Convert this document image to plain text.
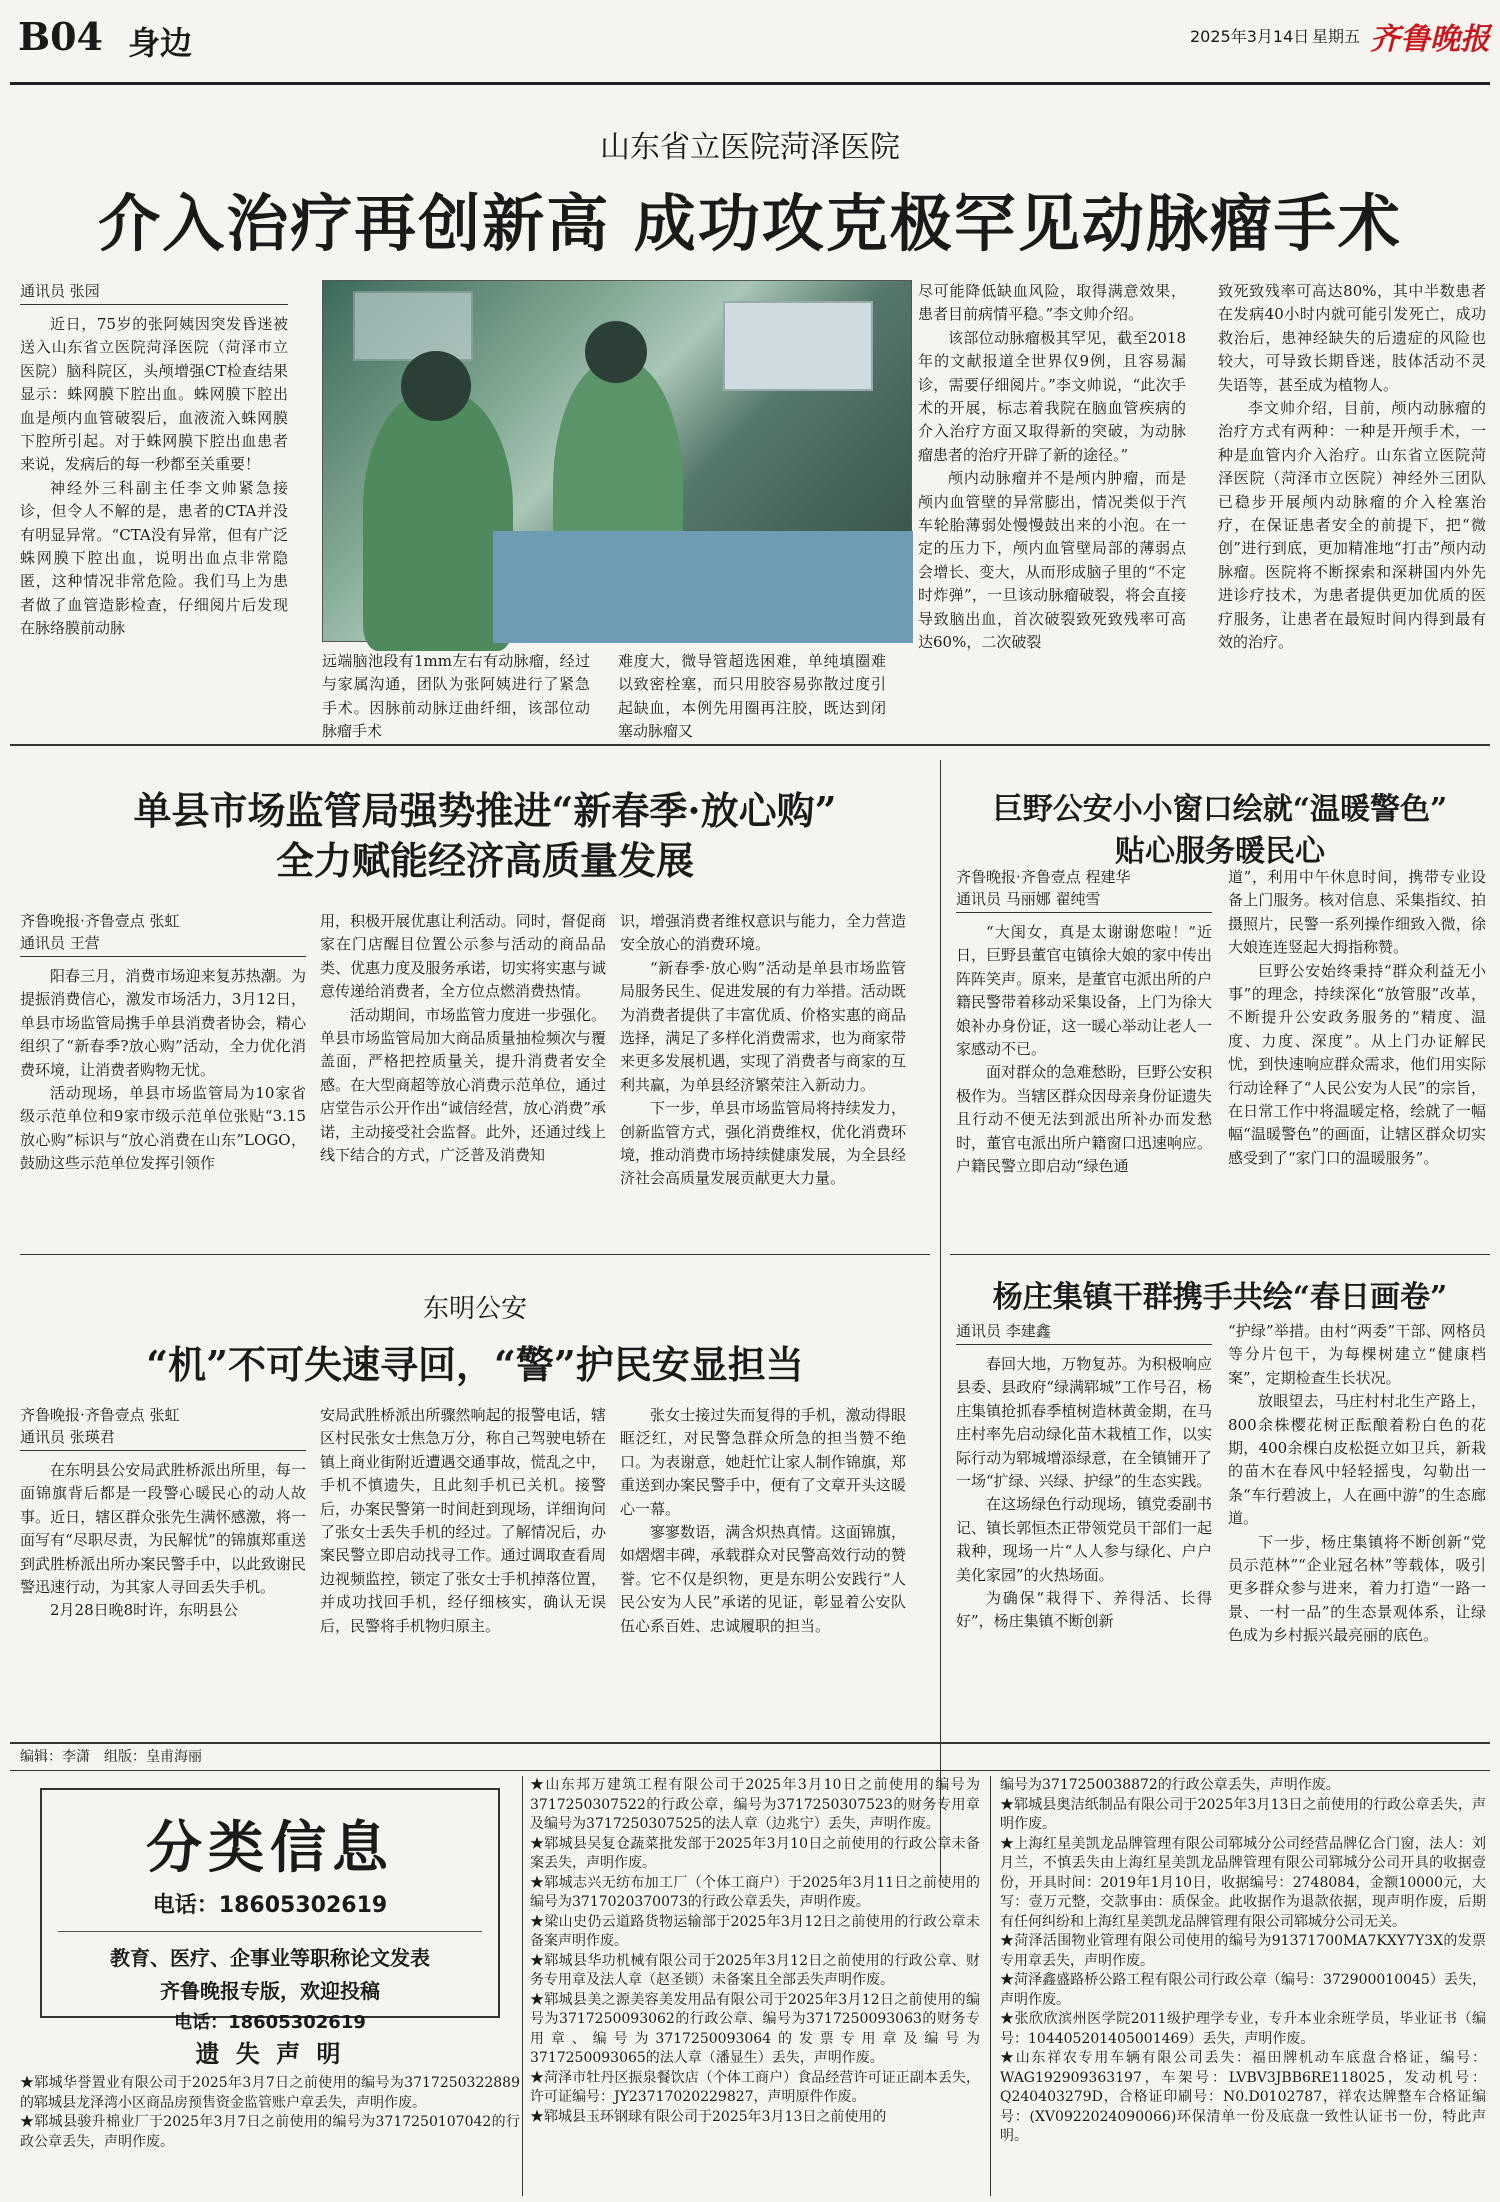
B04 身边	2025年3月14日 星期五 齐鲁晚报
山东省立医院菏泽医院
介入治疗再创新高 成功攻克极罕见动脉瘤手术
通讯员 张园

近日，75岁的张阿姨因突发昏迷被送入山东省立医院菏泽医院（菏泽市立医院）脑科院区，头颅增强CT检查结果显示：蛛网膜下腔出血。蛛网膜下腔出血是颅内血管破裂后，血液流入蛛网膜下腔所引起。对于蛛网膜下腔出血患者来说，发病后的每一秒都至关重要！

神经外三科副主任李文帅紧急接诊，但令人不解的是，患者的CTA并没有明显异常。“CTA没有异常，但有广泛蛛网膜下腔出血，说明出血点非常隐匿，这种情况非常危险。我们马上为患者做了血管造影检查，仔细阅片后发现在脉络膜前动脉

远端脑池段有1mm左右有动脉瘤，经过与家属沟通，团队为张阿姨进行了紧急手术。因脉前动脉迂曲纤细，该部位动脉瘤手术

难度大，微导管超选困难，单纯填圈难以致密栓塞，而只用胶容易弥散过度引起缺血，本例先用圈再注胶，既达到闭塞动脉瘤又

尽可能降低缺血风险，取得满意效果，患者目前病情平稳。”李文帅介绍。

该部位动脉瘤极其罕见，截至2018年的文献报道全世界仅9例，且容易漏诊，需要仔细阅片。”李文帅说，“此次手术的开展，标志着我院在脑血管疾病的介入治疗方面又取得新的突破，为动脉瘤患者的治疗开辟了新的途径。”

颅内动脉瘤并不是颅内肿瘤，而是颅内血管壁的异常膨出，情况类似于汽车轮胎薄弱处慢慢鼓出来的小泡。在一定的压力下，颅内血管壁局部的薄弱点会增长、变大，从而形成脑子里的“不定时炸弹”，一旦该动脉瘤破裂，将会直接导致脑出血，首次破裂致死致残率可高达60%，二次破裂

致死致残率可高达80%，其中半数患者在发病40小时内就可能引发死亡，成功救治后，患神经缺失的后遗症的风险也较大，可导致长期昏迷，肢体活动不灵失语等，甚至成为植物人。

李文帅介绍，目前，颅内动脉瘤的治疗方式有两种：一种是开颅手术，一种是血管内介入治疗。山东省立医院菏泽医院（菏泽市立医院）神经外三团队已稳步开展颅内动脉瘤的介入栓塞治疗，在保证患者安全的前提下，把“微创”进行到底，更加精准地“打击”颅内动脉瘤。医院将不断探索和深耕国内外先进诊疗技术，为患者提供更加优质的医疗服务，让患者在最短时间内得到最有效的治疗。

单县市场监管局强势推进“新春季·放心购”
全力赋能经济高质量发展
齐鲁晚报·齐鲁壹点 张虹
通讯员 王营

阳春三月，消费市场迎来复苏热潮。为提振消费信心，激发市场活力，3月12日，单县市场监管局携手单县消费者协会，精心组织了“新春季?放心购”活动，全力优化消费环境，让消费者购物无忧。

活动现场，单县市场监管局为10家省级示范单位和9家市级示范单位张贴“3.15放心购”标识与“放心消费在山东”LOGO，鼓励这些示范单位发挥引领作

用，积极开展优惠让利活动。同时，督促商家在门店醒目位置公示参与活动的商品品类、优惠力度及服务承诺，切实将实惠与诚意传递给消费者，全方位点燃消费热情。

活动期间，市场监管力度进一步强化。单县市场监管局加大商品质量抽检频次与覆盖面，严格把控质量关，提升消费者安全感。在大型商超等放心消费示范单位，通过店堂告示公开作出“诚信经营，放心消费”承诺，主动接受社会监督。此外，还通过线上线下结合的方式，广泛普及消费知

识，增强消费者维权意识与能力，全力营造安全放心的消费环境。

“新春季·放心购”活动是单县市场监管局服务民生、促进发展的有力举措。活动既为消费者提供了丰富优质、价格实惠的商品选择，满足了多样化消费需求，也为商家带来更多发展机遇，实现了消费者与商家的互利共赢，为单县经济繁荣注入新动力。

下一步，单县市场监管局将持续发力，创新监管方式，强化消费维权，优化消费环境，推动消费市场持续健康发展，为全县经济社会高质量发展贡献更大力量。

巨野公安小小窗口绘就“温暖警色”
贴心服务暖民心
齐鲁晚报·齐鲁壹点 程建华
通讯员 马丽娜 翟纯雪

“大闺女，真是太谢谢您啦！”近日，巨野县董官屯镇徐大娘的家中传出阵阵笑声。原来，是董官屯派出所的户籍民警带着移动采集设备，上门为徐大娘补办身份证，这一暖心举动让老人一家感动不已。

面对群众的急难愁盼，巨野公安积极作为。当辖区群众因母亲身份证遗失且行动不便无法到派出所补办而发愁时，董官屯派出所户籍窗口迅速响应。户籍民警立即启动“绿色通

道”，利用中午休息时间，携带专业设备上门服务。核对信息、采集指纹、拍摄照片，民警一系列操作细致入微，徐大娘连连竖起大拇指称赞。

巨野公安始终秉持“群众利益无小事”的理念，持续深化“放管服”改革，不断提升公安政务服务的“精度、温度、力度、深度”。从上门办证解民忧，到快速响应群众需求，他们用实际行动诠释了“人民公安为人民”的宗旨，在日常工作中将温暖定格，绘就了一幅幅“温暖警色”的画面，让辖区群众切实感受到了“家门口的温暖服务”。

东明公安
“机”不可失速寻回，“警”护民安显担当
齐鲁晚报·齐鲁壹点 张虹
通讯员 张瑛君

在东明县公安局武胜桥派出所里，每一面锦旗背后都是一段警心暖民心的动人故事。近日，辖区群众张先生满怀感激，将一面写有“尽职尽责，为民解忧”的锦旗郑重送到武胜桥派出所办案民警手中，以此致谢民警迅速行动，为其家人寻回丢失手机。

2月28日晚8时许，东明县公

安局武胜桥派出所骤然响起的报警电话，辖区村民张女士焦急万分，称自己驾驶电轿在镇上商业街附近遭遇交通事故，慌乱之中，手机不慎遗失，且此刻手机已关机。接警后，办案民警第一时间赶到现场，详细询问了张女士丢失手机的经过。了解情况后，办案民警立即启动找寻工作。通过调取查看周边视频监控，锁定了张女士手机掉落位置，并成功找回手机，经仔细核实，确认无误后，民警将手机物归原主。

张女士接过失而复得的手机，激动得眼眶泛红，对民警急群众所急的担当赞不绝口。为表谢意，她赶忙让家人制作锦旗，郑重送到办案民警手中，便有了文章开头这暖心一幕。

寥寥数语，满含炽热真情。这面锦旗，如熠熠丰碑，承载群众对民警高效行动的赞誉。它不仅是织物，更是东明公安践行“人民公安为人民”承诺的见证，彰显着公安队伍心系百姓、忠诚履职的担当。

杨庄集镇干群携手共绘“春日画卷”
通讯员 李建鑫

春回大地，万物复苏。为积极响应县委、县政府“绿满郓城”工作号召，杨庄集镇抢抓春季植树造林黄金期，在马庄村率先启动绿化苗木栽植工作，以实际行动为郓城增添绿意，在全镇铺开了一场“扩绿、兴绿、护绿”的生态实践。

在这场绿色行动现场，镇党委副书记、镇长郭恒杰正带领党员干部们一起栽种，现场一片“人人参与绿化、户户美化家园”的火热场面。

为确保“栽得下、养得活、长得好”，杨庄集镇不断创新

“护绿”举措。由村“两委”干部、网格员等分片包干，为每棵树建立“健康档案”，定期检查生长状况。

放眼望去，马庄村村北生产路上，800余株樱花树正酝酿着粉白色的花期，400余棵白皮松挺立如卫兵，新栽的苗木在春风中轻轻摇曳，勾勒出一条“车行碧波上，人在画中游”的生态廊道。

下一步，杨庄集镇将不断创新“党员示范林”“企业冠名林”等载体，吸引更多群众参与进来，着力打造“一路一景、一村一品”的生态景观体系，让绿色成为乡村振兴最亮丽的底色。

编辑：李潇　组版：皇甫海丽
分类信息
电话：18605302619
教育、医疗、企事业等职称论文发表
齐鲁晚报专版，欢迎投稿
电话：18605302619
遗 失 声 明

★郓城华誉置业有限公司于2025年3月7日之前使用的编号为3717250322889的郓城县龙泽湾小区商品房预售资金监管账户章丢失，声明作废。

★郓城县骏升棉业厂于2025年3月7日之前使用的编号为3717250107042的行政公章丢失，声明作废。

★山东邦万建筑工程有限公司于2025年3月10日之前使用的编号为3717250307522的行政公章，编号为3717250307523的财务专用章及编号为3717250307525的法人章（边兆宁）丢失，声明作废。

★郓城县吴复仓蔬菜批发部于2025年3月10日之前使用的行政公章未备案丢失，声明作废。

★郓城志兴无纺布加工厂（个体工商户）于2025年3月11日之前使用的编号为3717020370073的行政公章丢失，声明作废。

★梁山史仍云道路货物运输部于2025年3月12日之前使用的行政公章未备案声明作废。

★郓城县华功机械有限公司于2025年3月12日之前使用的行政公章、财务专用章及法人章（赵圣锁）未备案且全部丢失声明作废。

★郓城县美之源美容美发用品有限公司于2025年3月12日之前使用的编号为3717250093062的行政公章、编号为3717250093063的财务专用章、编号为3717250093064的发票专用章及编号为3717250093065的法人章（潘显生）丢失，声明作废。

★菏泽市牡丹区振泉餐饮店（个体工商户）食品经营许可证正副本丢失，许可证编号：JY23717020229827，声明原件作废。

★郓城县玉环钢球有限公司于2025年3月13日之前使用的

编号为3717250038872的行政公章丢失，声明作废。

★郓城县奥洁纸制品有限公司于2025年3月13日之前使用的行政公章丢失，声明作废。

★上海红星美凯龙品牌管理有限公司郓城分公司经营品牌亿合门窗，法人：刘月兰，不慎丢失由上海红星美凯龙品牌管理有限公司郓城分公司开具的收据壹份，开具时间：2019年1月10日，收据编号：2748084，金额10000元，大写：壹万元整，交款事由：质保金。此收据作为退款依据，现声明作废，后期有任何纠纷和上海红星美凯龙品牌管理有限公司郓城分公司无关。

★菏泽活围物业管理有限公司使用的编号为91371700MA7KXY7Y3X的发票专用章丢失，声明作废。

★菏泽鑫盛路桥公路工程有限公司行政公章（编号：372900010045）丢失，声明作废。

★张欣欣滨州医学院2011级护理学专业，专升本业余班学员，毕业证书（编号：104405201405001469）丢失，声明作废。

★山东祥农专用车辆有限公司丢失：福田牌机动车底盘合格证，编号：WAG192909363197，车架号：LVBV3JBB6RE118025，发动机号：Q240403279D，合格证印刷号：N0.D0102787，祥农达牌整车合格证编号：(XV0922024090066)环保清单一份及底盘一致性认证书一份，特此声明。
